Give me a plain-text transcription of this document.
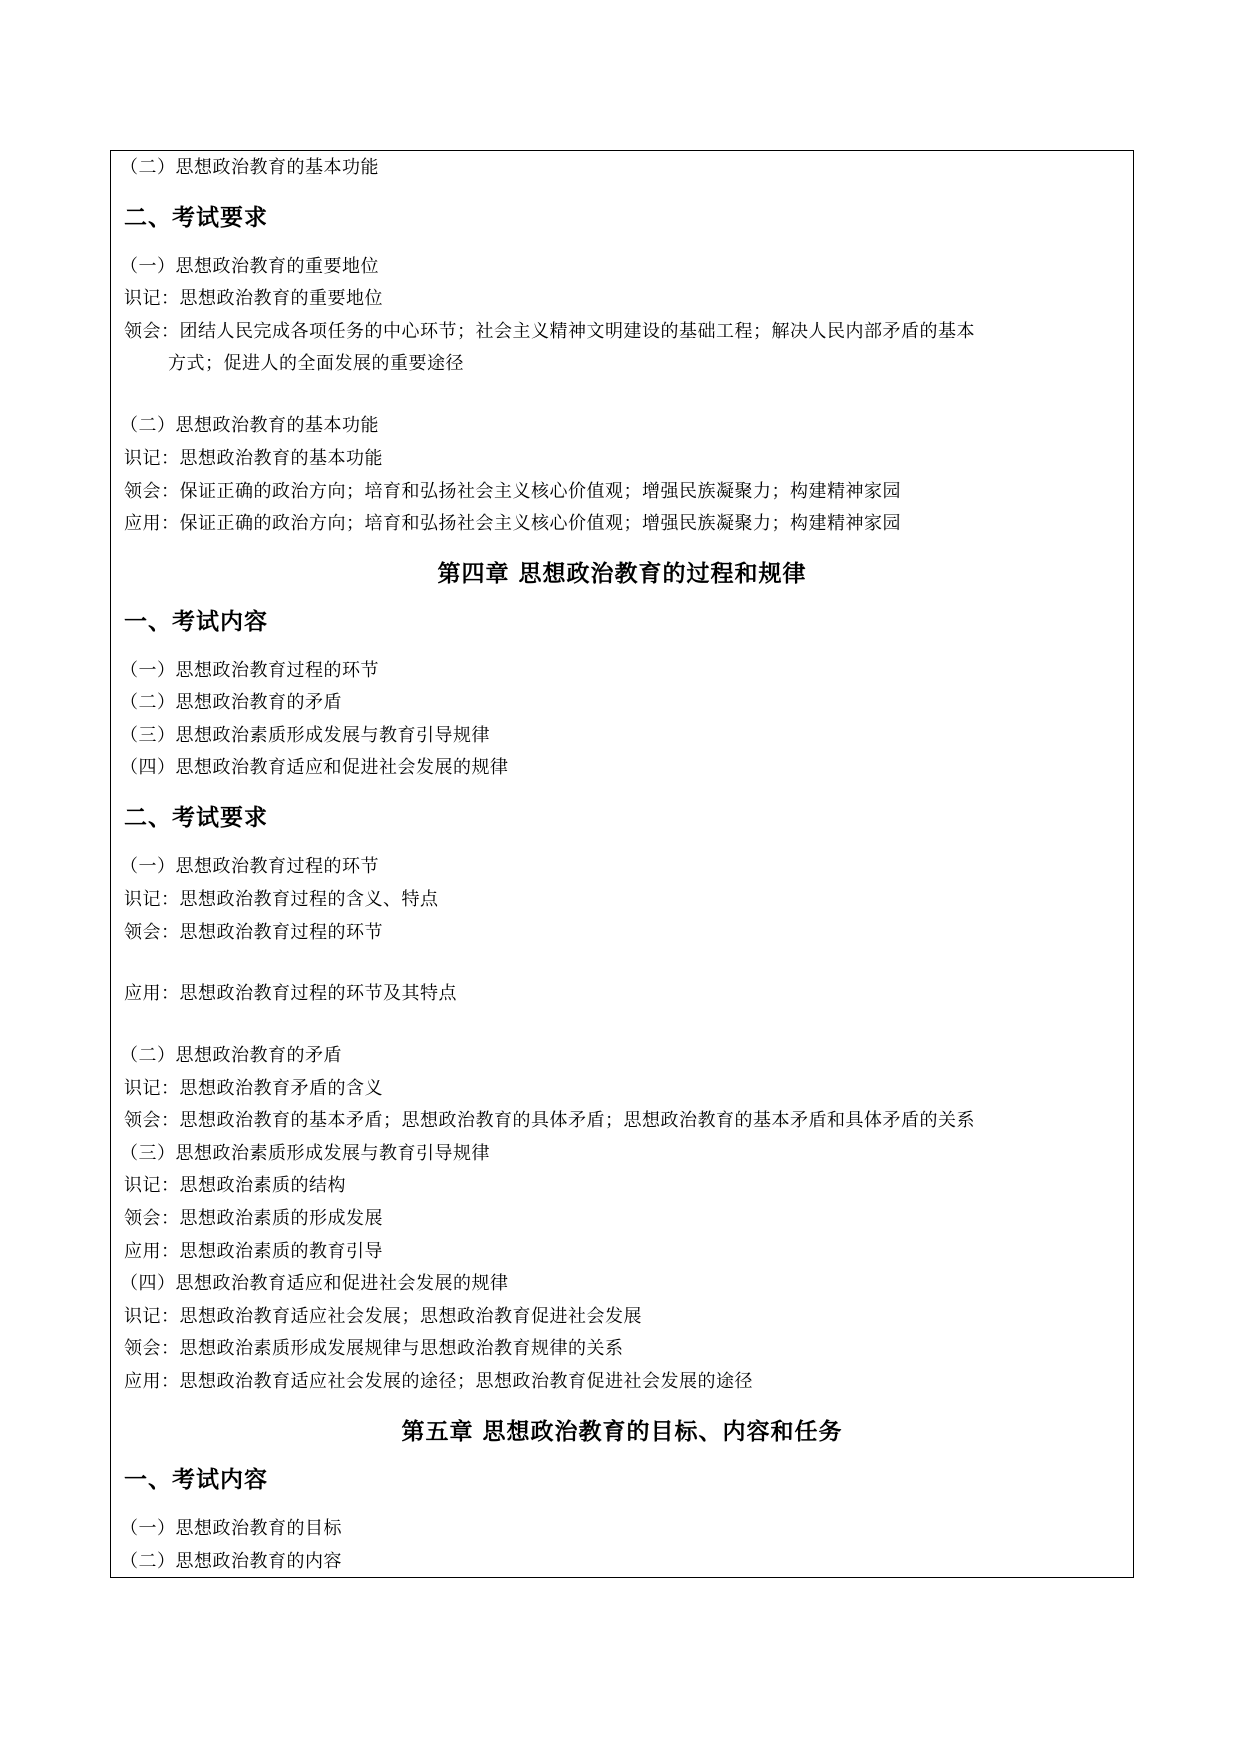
（二）思想政治教育的基本功能
二、考试要求
（一）思想政治教育的重要地位
识记：思想政治教育的重要地位
领会：团结人民完成各项任务的中心环节；社会主义精神文明建设的基础工程；解决人民内部矛盾的基本
方式；促进人的全面发展的重要途径
（二）思想政治教育的基本功能
识记：思想政治教育的基本功能
领会：保证正确的政治方向；培育和弘扬社会主义核心价值观；增强民族凝聚力；构建精神家园
应用：保证正确的政治方向；培育和弘扬社会主义核心价值观；增强民族凝聚力；构建精神家园
第四章 思想政治教育的过程和规律
一、考试内容
（一）思想政治教育过程的环节
（二）思想政治教育的矛盾
（三）思想政治素质形成发展与教育引导规律
（四）思想政治教育适应和促进社会发展的规律
二、考试要求
（一）思想政治教育过程的环节
识记：思想政治教育过程的含义、特点
领会：思想政治教育过程的环节
应用：思想政治教育过程的环节及其特点
（二）思想政治教育的矛盾
识记：思想政治教育矛盾的含义
领会：思想政治教育的基本矛盾；思想政治教育的具体矛盾；思想政治教育的基本矛盾和具体矛盾的关系
（三）思想政治素质形成发展与教育引导规律
识记：思想政治素质的结构
领会：思想政治素质的形成发展
应用：思想政治素质的教育引导
（四）思想政治教育适应和促进社会发展的规律
识记：思想政治教育适应社会发展；思想政治教育促进社会发展
领会：思想政治素质形成发展规律与思想政治教育规律的关系
应用：思想政治教育适应社会发展的途径；思想政治教育促进社会发展的途径
第五章 思想政治教育的目标、内容和任务
一、考试内容
（一）思想政治教育的目标
（二）思想政治教育的内容
